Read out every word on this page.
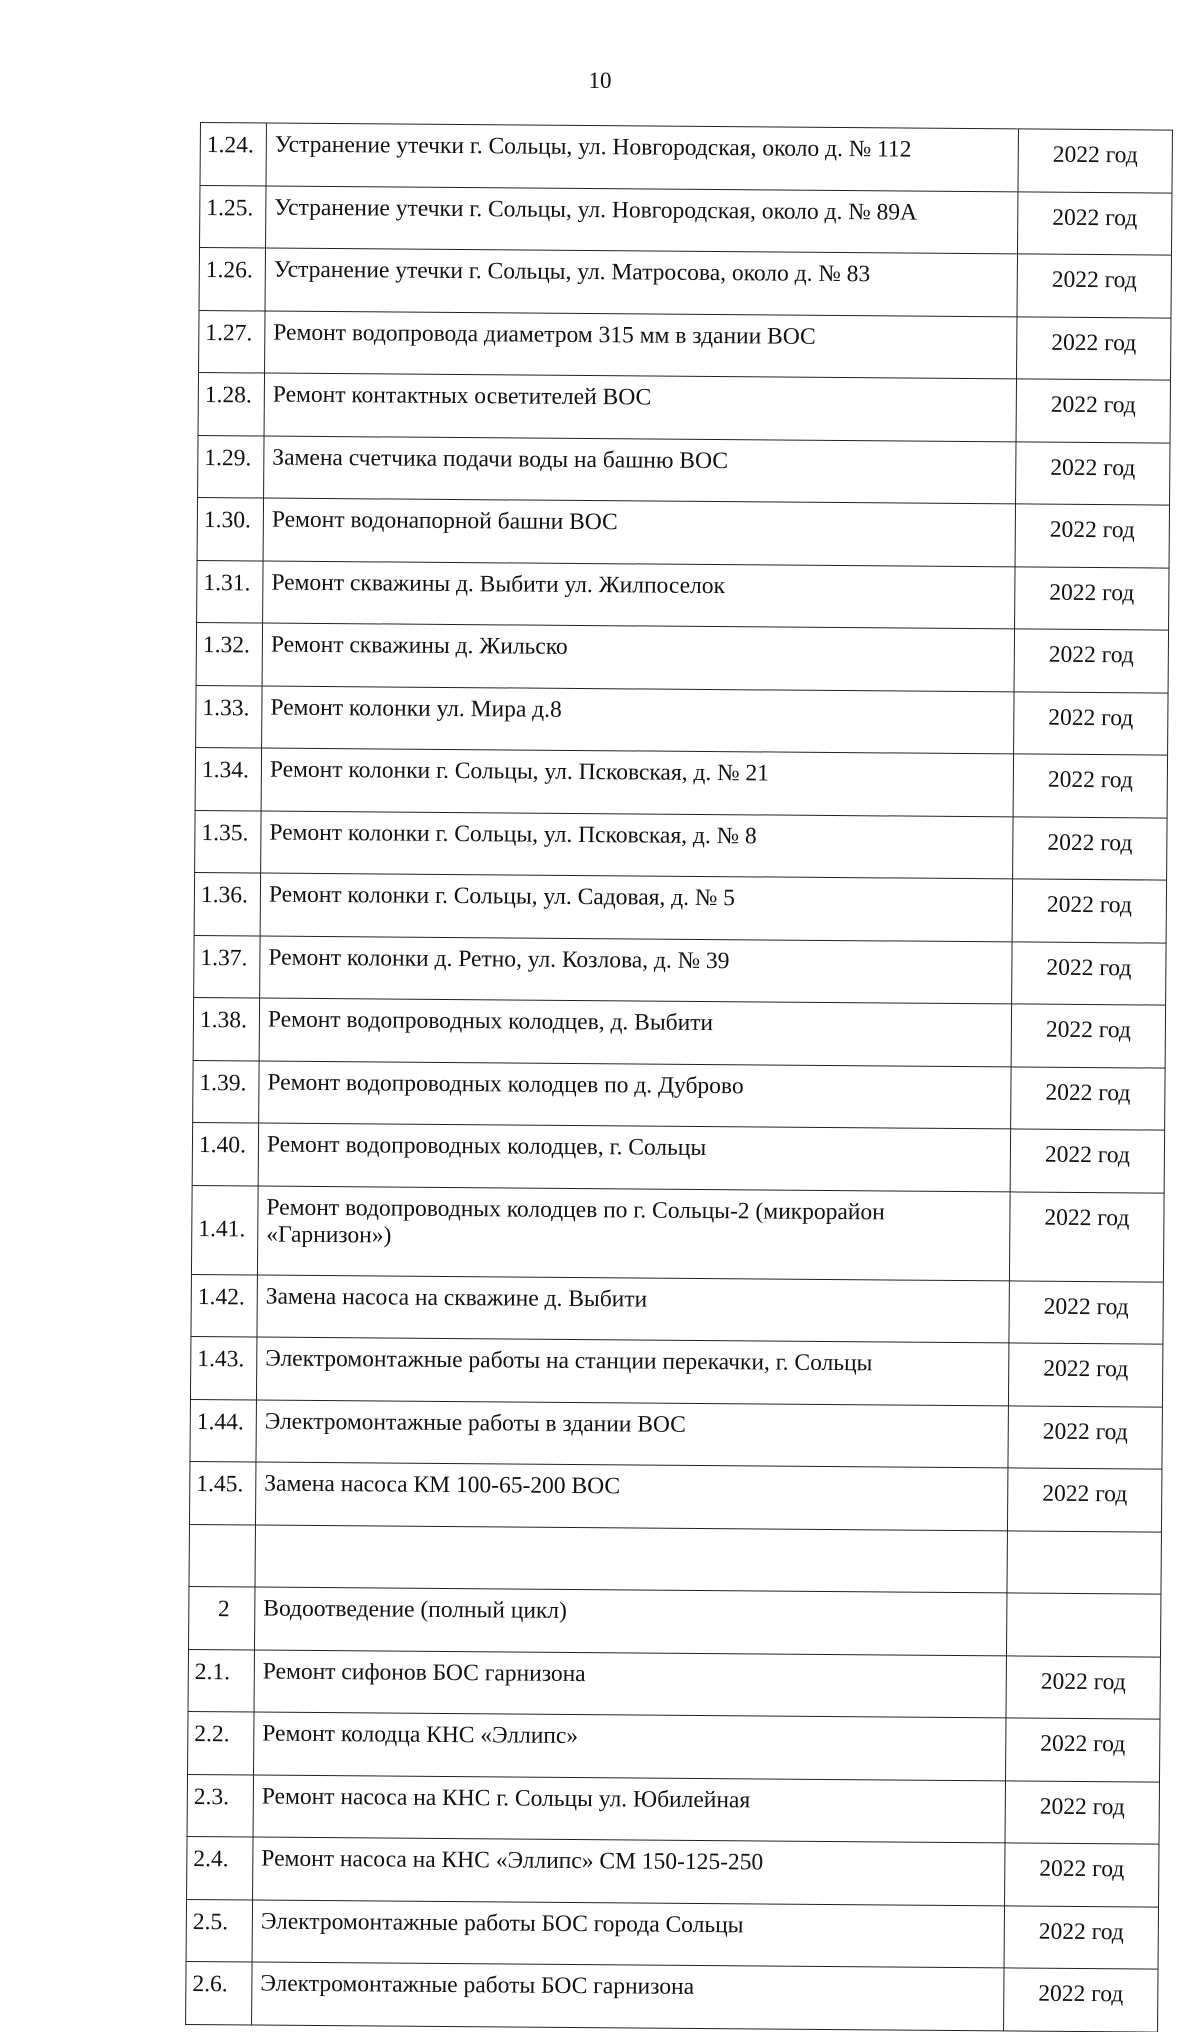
10
1.24.	Устранение утечки г. Сольцы, ул. Новгородская, около д. № 112	2022 год
1.25.	Устранение утечки г. Сольцы, ул. Новгородская, около д. № 89А	2022 год
1.26.	Устранение утечки г. Сольцы, ул. Матросова, около д. № 83	2022 год
1.27.	Ремонт водопровода диаметром 315 мм в здании ВОС	2022 год
1.28.	Ремонт контактных осветителей ВОС	2022 год
1.29.	Замена счетчика подачи воды на башню ВОС	2022 год
1.30.	Ремонт водонапорной башни ВОС	2022 год
1.31.	Ремонт скважины д. Выбити ул. Жилпоселок	2022 год
1.32.	Ремонт скважины д. Жильско	2022 год
1.33.	Ремонт колонки ул. Мира д.8	2022 год
1.34.	Ремонт колонки г. Сольцы, ул. Псковская, д. № 21	2022 год
1.35.	Ремонт колонки г. Сольцы, ул. Псковская, д. № 8	2022 год
1.36.	Ремонт колонки г. Сольцы, ул. Садовая, д. № 5	2022 год
1.37.	Ремонт колонки д. Ретно, ул. Козлова, д. № 39	2022 год
1.38.	Ремонт водопроводных колодцев, д. Выбити	2022 год
1.39.	Ремонт водопроводных колодцев по д. Дуброво	2022 год
1.40.	Ремонт водопроводных колодцев, г. Сольцы	2022 год
1.41.	Ремонт водопроводных колодцев по г. Сольцы-2 (микрорайон «Гарнизон»)	2022 год
1.42.	Замена насоса на скважине д. Выбити	2022 год
1.43.	Электромонтажные работы на станции перекачки, г. Сольцы	2022 год
1.44.	Электромонтажные работы в здании ВОС	2022 год
1.45.	Замена насоса КМ 100-65-200 ВОС	2022 год

2	Водоотведение (полный цикл)	
2.1.	Ремонт сифонов БОС гарнизона	2022 год
2.2.	Ремонт колодца КНС «Эллипс»	2022 год
2.3.	Ремонт насоса на КНС г. Сольцы ул. Юбилейная	2022 год
2.4.	Ремонт насоса на КНС «Эллипс» СМ 150-125-250	2022 год
2.5.	Электромонтажные работы БОС города Сольцы	2022 год
2.6.	Электромонтажные работы БОС гарнизона	2022 год
